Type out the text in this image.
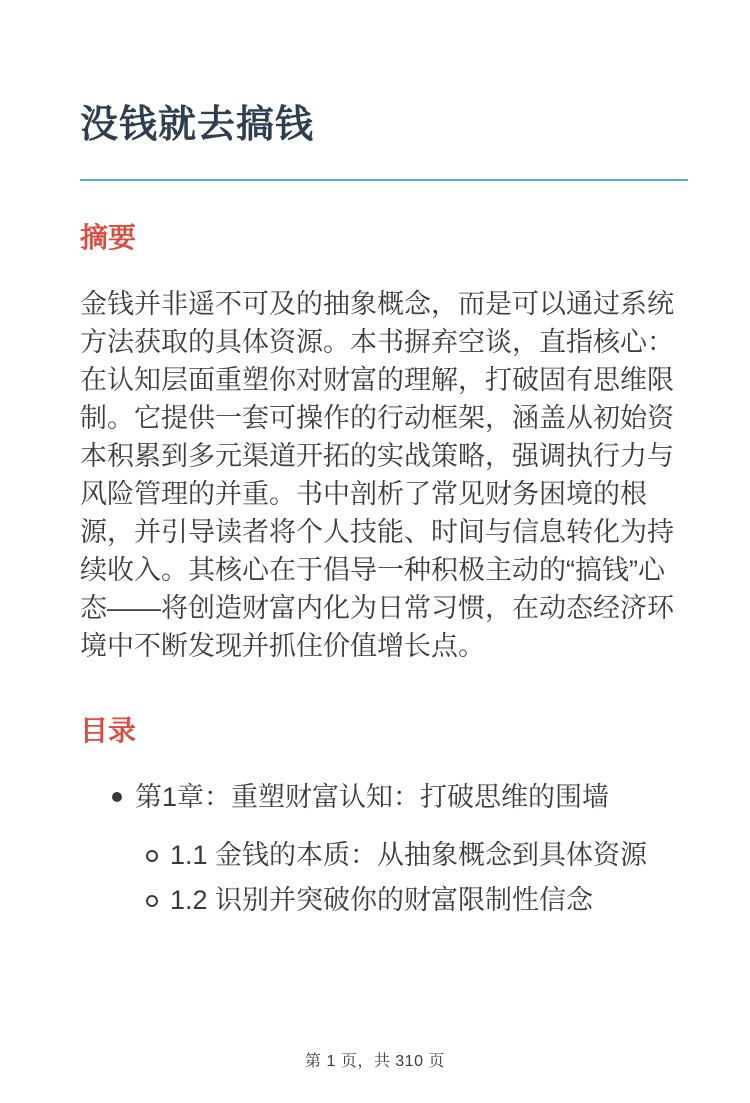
没钱就去搞钱
摘要

金钱并非遥不可及的抽象概念，而是可以通过系统方法获取的具体资源。本书摒弃空谈，直指核心：在认知层面重塑你对财富的理解，打破固有思维限制。它提供一套可操作的行动框架，涵盖从初始资本积累到多元渠道开拓的实战策略，强调执行力与风险管理的并重。书中剖析了常见财务困境的根源，并引导读者将个人技能、时间与信息转化为持续收入。其核心在于倡导一种积极主动的“搞钱”心态——将创造财富内化为日常习惯，在动态经济环境中不断发现并抓住价值增长点。

目录
第1章：重塑财富认知：打破思维的围墙
1.1 金钱的本质：从抽象概念到具体资源
1.2 识别并突破你的财富限制性信念
第 1 页，共 310 页
